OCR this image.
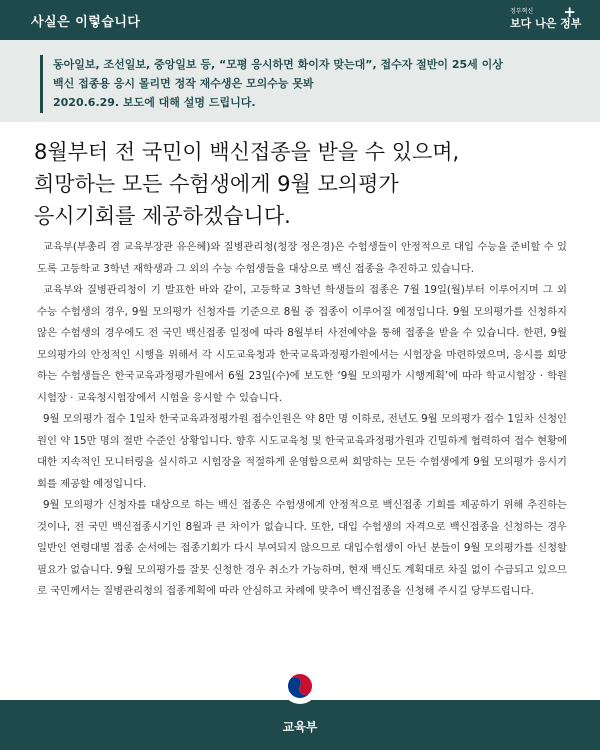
사실은 이렇습니다
정부혁신
보다 나은 정부
+
동아일보, 조선일보, 중앙일보 등, “모평 응시하면 화이자 맞는대”, 접수자 절반이 25세 이상
백신 접종용 응시 몰리면 정작 재수생은 모의수능 못봐
2020.6.29. 보도에 대해 설명 드립니다.
8월부터 전 국민이 백신접종을 받을 수 있으며,
희망하는 모든 수험생에게 9월 모의평가
응시기회를 제공하겠습니다.

교육부(부총리 겸 교육부장관 유은혜)와 질병관리청(청장 정은경)은 수험생들이 안정적으로 대입 수능을 준비할 수 있도록 고등학교 3학년 재학생과 그 외의 수능 수험생들을 대상으로 백신 접종을 추진하고 있습니다.

교육부와 질병관리청이 기 발표한 바와 같이, 고등학교 3학년 학생들의 접종은 7월 19일(월)부터 이루어지며 그 외 수능 수험생의 경우, 9월 모의평가 신청자를 기준으로 8월 중 접종이 이루어질 예정입니다. 9월 모의평가를 신청하지 않은 수험생의 경우에도 전 국민 백신접종 일정에 따라 8월부터 사전예약을 통해 접종을 받을 수 있습니다. 한편, 9월 모의평가의 안정적인 시행을 위해서 각 시도교육청과 한국교육과정평가원에서는 시험장을 마련하였으며, 응시를 희망하는 수험생들은 한국교육과정평가원에서 6월 23일(수)에 보도한 ‘9월 모의평가 시행계획’에 따라 학교시험장 · 학원시험장 · 교육청시험장에서 시험을 응시할 수 있습니다.

9월 모의평가 접수 1일차 한국교육과정평가원 접수인원은 약 8만 명 이하로, 전년도 9월 모의평가 접수 1일차 신청인원인 약 15만 명의 절반 수준인 상황입니다. 향후 시도교육청 및 한국교육과정평가원과 긴밀하게 협력하여 접수 현황에 대한 지속적인 모니터링을 실시하고 시험장을 적절하게 운영함으로써 희망하는 모든 수험생에게 9월 모의평가 응시기회를 제공할 예정입니다.

9월 모의평가 신청자를 대상으로 하는 백신 접종은 수험생에게 안정적으로 백신접종 기회를 제공하기 위해 추진하는 것이나, 전 국민 백신접종시기인 8월과 큰 차이가 없습니다. 또한, 대입 수험생의 자격으로 백신접종을 신청하는 경우 일반인 연령대별 접종 순서에는 접종기회가 다시 부여되지 않으므로 대입수험생이 아닌 분들이 9월 모의평가를 신청할 필요가 없습니다. 9월 모의평가를 잘못 신청한 경우 취소가 가능하며, 현재 백신도 계획대로 차질 없이 수급되고 있으므로 국민께서는 질병관리청의 접종계획에 따라 안심하고 차례에 맞추어 백신접종을 신청해 주시길 당부드립니다.

교육부
